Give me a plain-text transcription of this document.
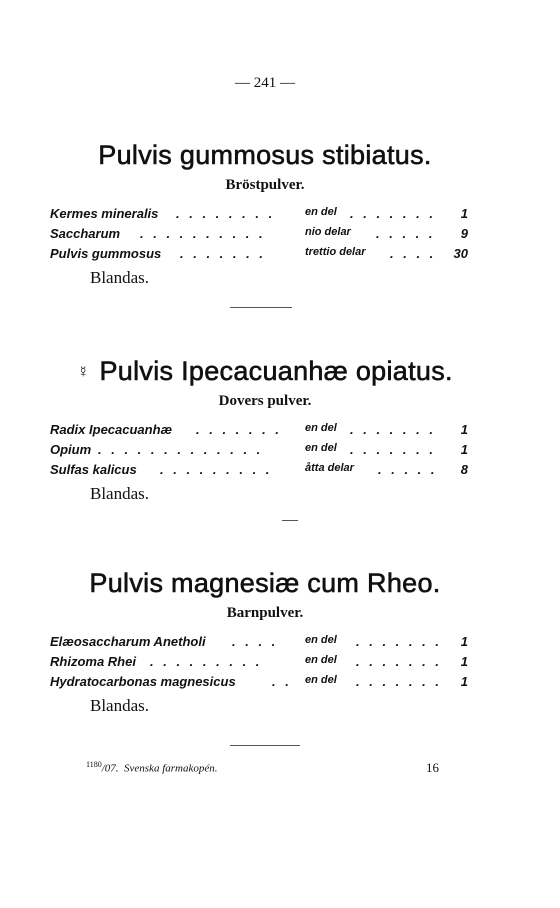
— 241 —
Pulvis gummosus stibiatus.
Bröstpulver.
Kermes mineralis . . . . . . . .	en del . . . . . . .	1
Saccharum . . . . . . . . . .	nio delar . . . . .	9
Pulvis gummosus . . . . . . .	trettio delar . . . .	30
Blandas.
☿ Pulvis Ipecacuanhæ opiatus.
Dovers pulver.
Radix Ipecacuanhæ . . . . . . . en del . . . . . . .	1
Opium . . . . . . . . . . . . .	en del . . . . . . .	1
Sulfas kalicus . . . . . . . . .	åtta delar . . . . .	8
Blandas.
Pulvis magnesiæ cum Rheo.
Barnpulver.
Elæosaccharum Anetholi . . . . en del . . . . . . .	1
Rhizoma Rhei . . . . . . . . .	en del . . . . . . .	1
Hydratocarbonas magnesicus	. . en del . . . . . . .	1
Blandas.
$^{1180}$/07. Svenska farmakopén.	16
